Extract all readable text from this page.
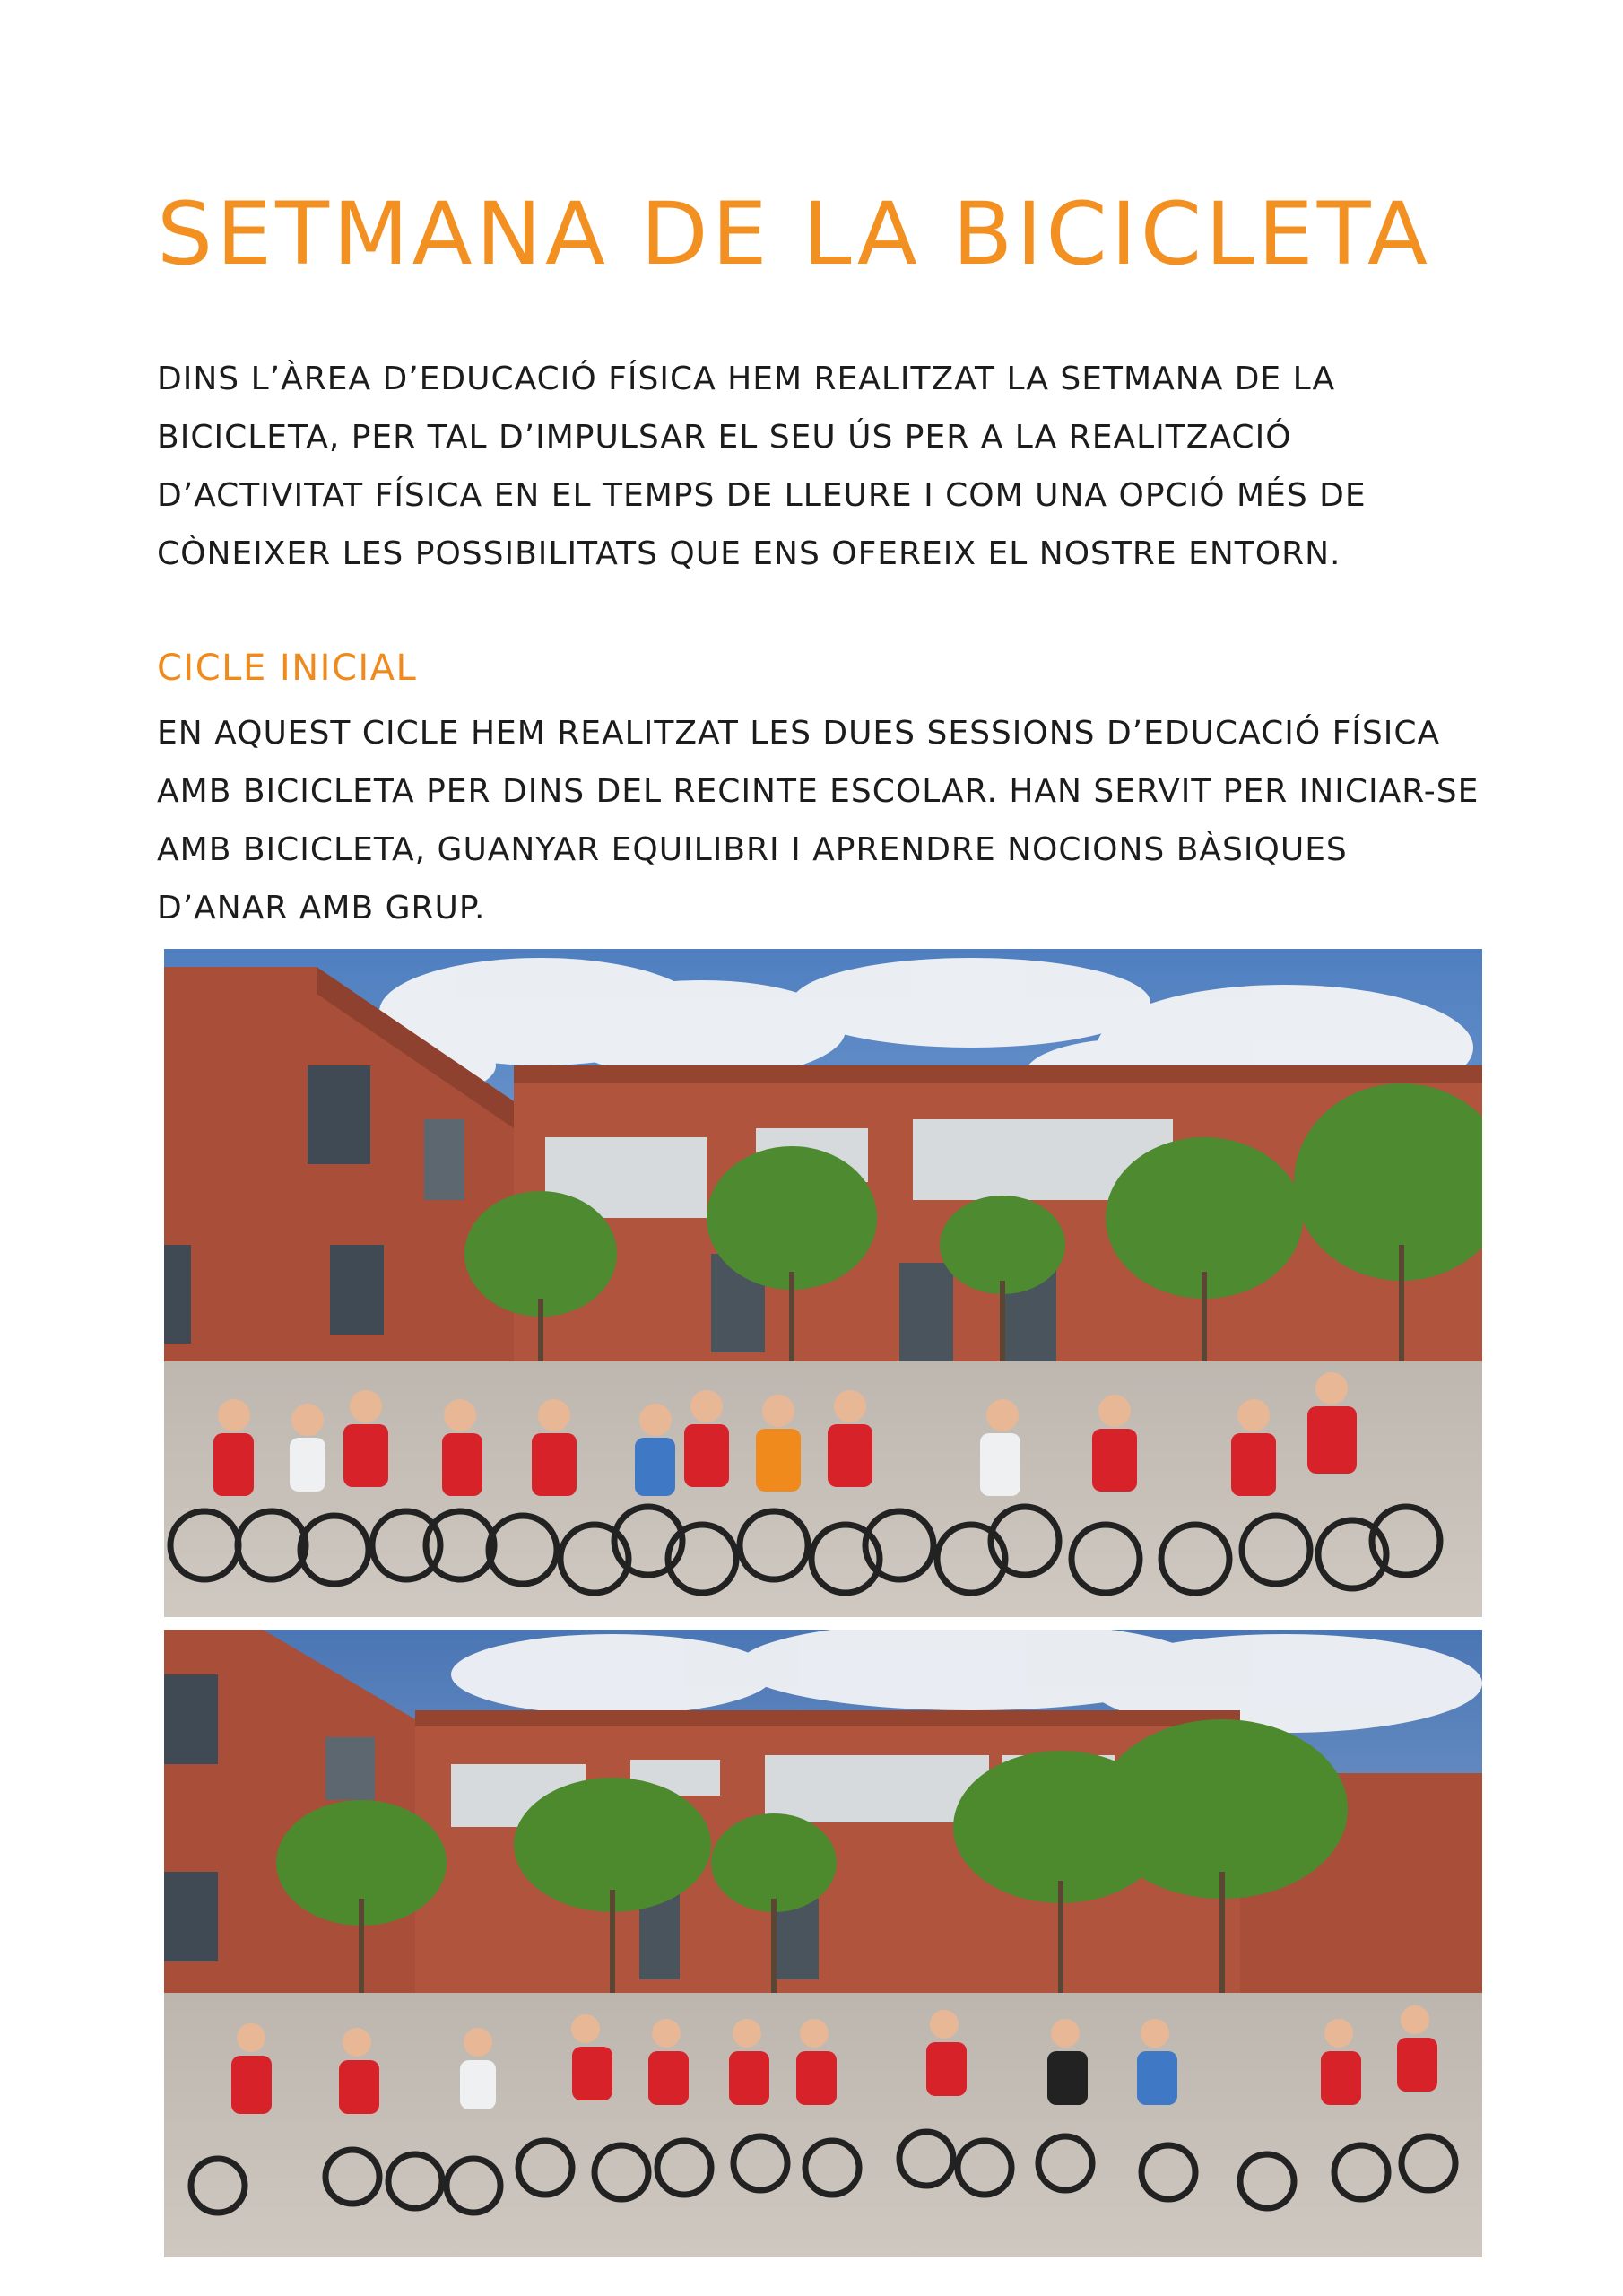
SETMANA DE LA BICICLETA

DINS L’ÀREA D’EDUCACIÓ FÍSICA HEM REALITZAT LA SETMANA DE LA BICICLETA, PER TAL D’IMPULSAR EL SEU ÚS PER A LA REALITZACIÓ D’ACTIVITAT FÍSICA EN EL TEMPS DE LLEURE I COM UNA OPCIÓ MÉS DE CÒNEIXER LES POSSIBILITATS QUE ENS OFEREIX EL NOSTRE ENTORN.

CICLE INICIAL

EN AQUEST CICLE HEM REALITZAT LES DUES SESSIONS D’EDUCACIÓ FÍSICA AMB BICICLETA PER DINS DEL RECINTE ESCOLAR. HAN SERVIT PER INICIAR-SE AMB BICICLETA, GUANYAR EQUILIBRI I APRENDRE NOCIONS BÀSIQUES D’ANAR AMB GRUP.
